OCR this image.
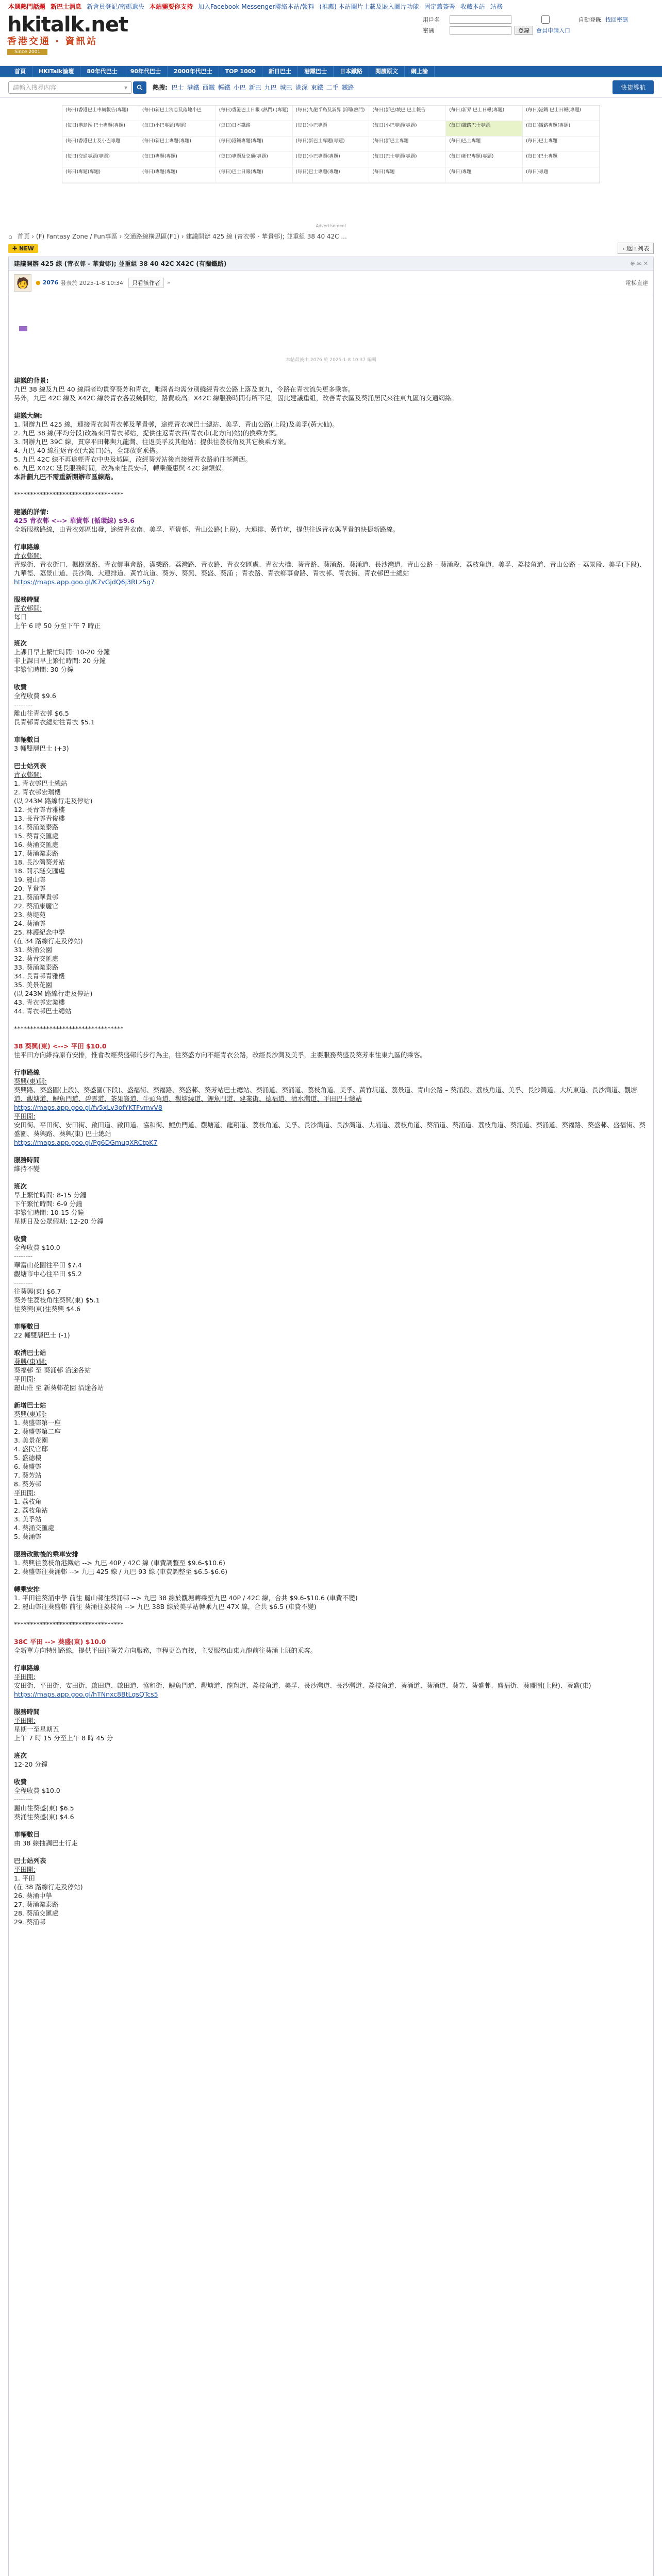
本週熱門話題 新巴士消息 新會員登記/密碼遺失 本站需要你支持 加入Facebook Messenger聯絡本站/報料 (推薦) 本站圖片上載及嵌入圖片功能 固定舊簽署 收藏本站 站務
hkitalk.net
香港交通 · 資訊站
Since 2001
用戶名	自動登錄 找回密碼
密碼	登錄	會員申請入口
首頁	HKITalk論壇	80年代巴士	90年代巴士	2000年代巴士	TOP 1000	新日巴士	港鐵巴士	日本鐵路	閱讀原文	網上論
請輸入搜尋內容	▾	熱搜: 巴士 港鐵 西鐵 輕鐵 小巴 新巴 九巴 城巴 港深 東鐵 二手 鐵路	快捷導航
(每日)香港巴士車輛報告(專題)	(每日)新巴士消息及落地小巴	(每日)香港巴士日報 (熱門) (專題)	(每日)九龍半島及新界 新聞(熱門)	(每日)新巴/城巴 巴士報告	(每日)新界 巴士日報(專題)	(每日)港鐵 巴士日報(專題)
(每日)港島區 巴士專題(專題)	(每日)小巴專題(專題)	(每日)日本鐵路	(每日)小巴專題	(每日)小巴專題(專題)	(每日)鐵路巴士專題	(每日)鐵路專題(專題)
(每日)香港巴士及小巴專題	(每日)新巴士專題(專題)	(每日)港鐵專題(專題)	(每日)新巴士專題(專題)	(每日)新巴士專題	(每日)巴士專題	(每日)巴士專題
(每日)交通專題(專題)	(每日)專題(專題)	(每日)專題及交通(專題)	(每日)小巴專題(專題)	(每日)巴士專題(專題)	(每日)新巴專題(專題)	(每日)巴士專題
(每日)專題(專題)	(每日)專題(專題)	(每日)巴士日報(專題)	(每日)巴士專題(專題)	(每日)專題	(每日)專題	(每日)專題
Advertisement
⌂ 首頁 › (F) Fantasy Zone / Fun事區 › 交通路線構思區(F1) › 建議開辦 425 線 (青衣邨 - 華貴邨); 並重組 38 40 42C ...
✚ NEW	‹ 返回列表
建議開辦 425 線 (青衣邨 - 華貴邨); 並重組 38 40 42C X42C (有關鐵路)	⊕ ✉ ✕
🧑	● 2076 發表於 2025-1-8 10:34	只看該作者	»	電梯直達
本帖最後由 2076 於 2025-1-8 10:37 編輯

建議的背景:

九巴 38 線及九巴 40 線兩者均貫穿葵芳和青衣，唯兩者均需分別繞經青衣公路上落及東九，令路在青衣流失更多乘客。

另外，九巴 42C 線及 X42C 線於青衣各設幾個站，路費較高。X42C 線服務時間有所不足，因此建議重組，改善青衣區及葵涌居民來往東九區的交通網絡。

建議大綱:

1. 開辦九巴 425 線，連接青衣與青衣邨及華貴邨，途經青衣城巴士總站、美孚、青山公路(上段)及美孚(黃大仙)。

2. 九巴 38 線(平均分段)改為來回青衣邨站，提供往返青衣西(青衣市(北方向)站)的換乘方案。

3. 開辦九巴 39C 線，貫穿平田邨與九龍灣、往返美孚及其他站；提供往荔枝角及其它換乘方案。

4. 九巴 40 線往返青衣(大窩口)站，全部放寬乘搭。

5. 九巴 42C 線不再途經青衣中央及城區，改經葵芳站後直接經青衣路前往荃灣西。

6. 九巴 X42C 延長服務時間，改為來往長安邨，轉乘優惠與 42C 線類似。

本計劃九巴不需重新開辦市區線路。

**********************************

建議的詳情:

425 青衣邨 <--> 華貴邨 (循環線) $9.6

全新服務路線，由青衣郊區出發，途經青衣南、美孚、華貴邨、青山公路(上段)、大連排、黃竹坑，提供往返青衣與華貴的快捷新路線。

行車路線

青衣邨開:

青綠街、青衣街口、楓樹窩路、青衣鄉事會路、滿樂路、荔灣路、青衣路、青衣交匯處、青衣大橋、葵青路、葵涌路、葵涌道、長沙灣道、青山公路 – 葵涌段、荔枝角道、美孚、荔枝角道、青山公路 – 荔景段、美孚(下段)、九華徑、荔景山道、長沙灣、大連排道、黃竹坑道、葵芳、葵興、葵盛、葵涌 ；青衣路、青衣鄉事會路、青衣邨、青衣街、青衣邨巴士總站

https://maps.app.goo.gl/K7vGjdQ6j3RLz5g7

服務時間

青衣邨開:

每日

上午 6 時 50 分至下午 7 時正

班次

上課日早上繁忙時間: 10-20 分鐘

非上課日早上繁忙時間: 20 分鐘

非繁忙時間: 30 分鐘

收費

全程收費 $9.6

--------

離山往青衣邨 $6.5

長青邨青衣總站往青衣 $5.1

車輛數目

3 輛雙層巴士 (+3)

巴士站列表

青衣邨開:

1. 青衣邨巴士總站

2. 青衣邨宏瑞樓

(以 243M 路線行走及停站)

12. 長青邨青雅樓

13. 長青邨青俊樓

14. 葵涌業泰路

15. 葵青交匯處

16. 葵涌交匯處

17. 葵涌業泰路

18. 長沙灣葵芳站

18. 開示隧交匯處

19. 麗山邨

20. 華貴邨

21. 葵涌華貴邨

22. 葵涌康麗官

23. 葵堤苑

24. 葵涌邨

25. 林護紀念中學

(在 34 路線行走及停站)

31. 葵涌公園

32. 葵青交匯處

33. 葵涌業泰路

34. 長青邨青雅樓

35. 美景花園

(以 243M 路線行走及停站)

43. 青衣邨宏業樓

44. 青衣邨巴士總站

**********************************

38 葵興(東) <--> 平田 $10.0

往平田方向維持原有安排，惟會改經葵盛邨的步行為主，往葵盛方向不經青衣公路，改經長沙灣及美孚，主要服務葵盛及葵芳來往東九區的乘客。

行車路線

葵興(東)開:

葵興路、葵盛圍(上段)、葵盛圍(下段)、盛福街、葵福路、葵盛邨、葵芳站巴士總站、葵涌道、葵涌道、荔枝角道、美孚、黃竹坑道、荔景道、青山公路 – 葵涌段、荔枝角道、美孚、長沙灣道、大坑東道、長沙灣道、觀塘道、觀塘道、鯉魚門道、碧雲道、茶果嶺道、牛頭角道、觀塘繞道、鯉魚門道、建業街、德福道、清水灣道、平田巴士總站

https://maps.app.goo.gl/fv5xLv3ofYKTFvmvV8

平田開:

安田街、平田街、安田街、啟田道、啟田道、協和街、鯉魚門道、觀塘道、龍翔道、荔枝角道、美孚、長沙灣道、長沙灣道、大埔道、荔枝角道、葵涌道、葵涌道、荔枝角道、葵涌道、葵涌道、葵福路、葵盛邨、盛福街、葵盛圍、葵興路、葵興(東) 巴士總站

https://maps.app.goo.gl/Pg6DGmugXRCtpK7

服務時間

維持不變

班次

早上繁忙時間: 8-15 分鐘

下午繁忙時間: 6-9 分鐘

非繁忙時間: 10-15 分鐘

星期日及公眾假期: 12-20 分鐘

收費

全程收費 $10.0

--------

華富山花園往平田 $7.4

觀塘市中心往平田 $5.2

--------

往葵興(東) $6.7

葵芳往荔枝角往葵興(東) $5.1

往葵興(東)往葵興 $4.6

車輛數目

22 輛雙層巴士 (-1)

取消巴士站

葵興(東)開:

葵福邨 至 葵涌邨 沿途各站

平田開:

麗山莊 至 新葵邨花園 沿途各站

新增巴士站

葵興(東)開:

1. 葵盛邨第一座

2. 葵盛邨第二座

3. 美景花園

4. 盛民官邸

5. 盛德樓

6. 葵盛邨

7. 葵芳站

8. 葵芳邨

平田開:

1. 荔枝角

2. 荔枝角站

3. 美孚站

4. 葵涌交匯處

5. 葵涌邨

服務改動後的乘車安排

1. 葵興往荔枝角港鐵站 --> 九巴 40P / 42C 線 (車費調整至 $9.6-$10.6)

2. 葵盛邨往葵涌邨 --> 九巴 425 線 / 九巴 93 線 (車費調整至 $6.5-$6.6)

轉乘安排

1. 平田往葵涌中學 前往 麗山邨往葵涌邨 --> 九巴 38 線於觀塘轉乘至九巴 40P / 42C 線，合共 $9.6-$10.6 (車費不變)

2. 麗山邨往葵盛邨 前往 葵涌往荔枝角 --> 九巴 38B 線於美孚站轉乘九巴 47X 線，合共 $6.5 (車費不變)

**********************************

38C 平田 --> 葵盛(東) $10.0

全新單方向特別路線，提供平田往葵芳方向服務，車程更為直接，主要服務由東九龍前往葵涌上班的乘客。

行車路線

平田開:

安田街、平田街、安田街、啟田道、啟田道、協和街、鯉魚門道、觀塘道、龍翔道、荔枝角道、美孚、長沙灣道、長沙灣道、荔枝角道、葵涌道、葵涌道、葵芳、葵盛邨、盛福街、葵盛圍(上段)、葵盛(東)

https://maps.app.goo.gl/hTNnxc8BtLqsQTcs5

服務時間

平田開:

星期一至星期五

上午 7 時 15 分至上午 8 時 45 分

班次

12-20 分鐘

收費

全程收費 $10.0

--------

麗山往葵盛(東) $6.5

葵涌往葵盛(東) $4.6

車輛數目

由 38 線抽調巴士行走

巴士站列表

平田開:

1. 平田

(在 38 路線行走及停站)

26. 葵涌中學

27. 葵涌業泰路

28. 葵涌交匯處

29. 葵涌邨
